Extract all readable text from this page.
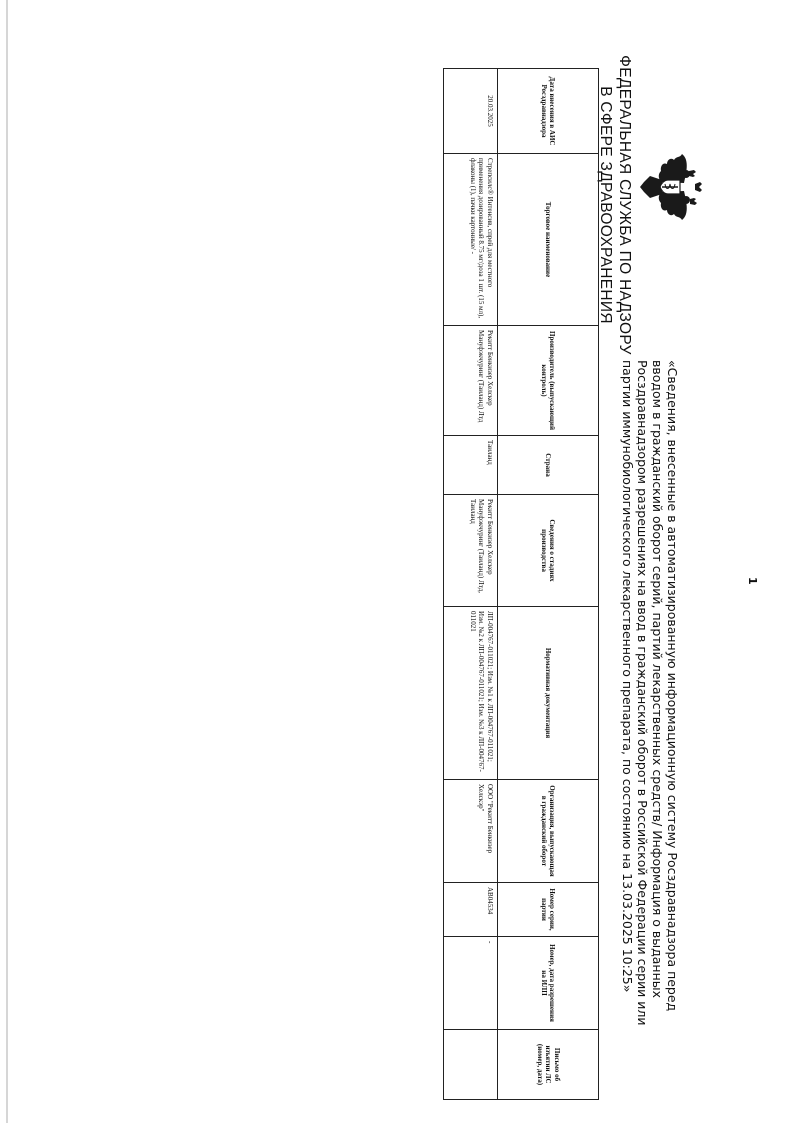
ФЕДЕРАЛЬНАЯ СЛУЖБА ПО НАДЗОРУ
В СФЕРЕ ЗДРАВООХРАНЕНИЯ
«Сведения, внесенные в автоматизированную информационную систему Росздравнадзора перед вводом в гражданский оборот серий, партий лекарственных средств/ Информация о выданных Росздравнадзором разрешениях на ввод в гражданский оборот в Российской Федерации серии или партии иммунобиологического лекарственного препарата, по состоянию на 13.03.2025 10:25»
Дата внесения в АИС Росздравнадзора	Торговое наименование	Производитель (выпускающий контроль)	Страна	Сведения о стадиях производства	Нормативная документация	Организация, выпускающая в гражданский оборот	Номер серии, партии	Номер, дата разрешения на ИЛП	Письмо об изъятии ЛС (номер, дата)
20.03.2025	Стрепсилс® Интенсив, спрей для местного применения дозированный 8.75 мг/доза 1 шт. (15 мл), флаконы (1), пачки картонные/ -	Рекитт Бенкизер Хелскер Мануфэкчуринг (Таиланд) Лтд	Таиланд	Рекитт Бенкизер Хелскер Мануфэкчуринг (Таиланд) Лтд, Таиланд	ЛП-004767-011021; Изм. №1 к ЛП-004767-011021; Изм. №2 к ЛП-004767-011021; Изм. №3 к ЛП-004767-011021	ООО "Рекитт Бенкизер Хелскэр"	AB04534	-	
1
